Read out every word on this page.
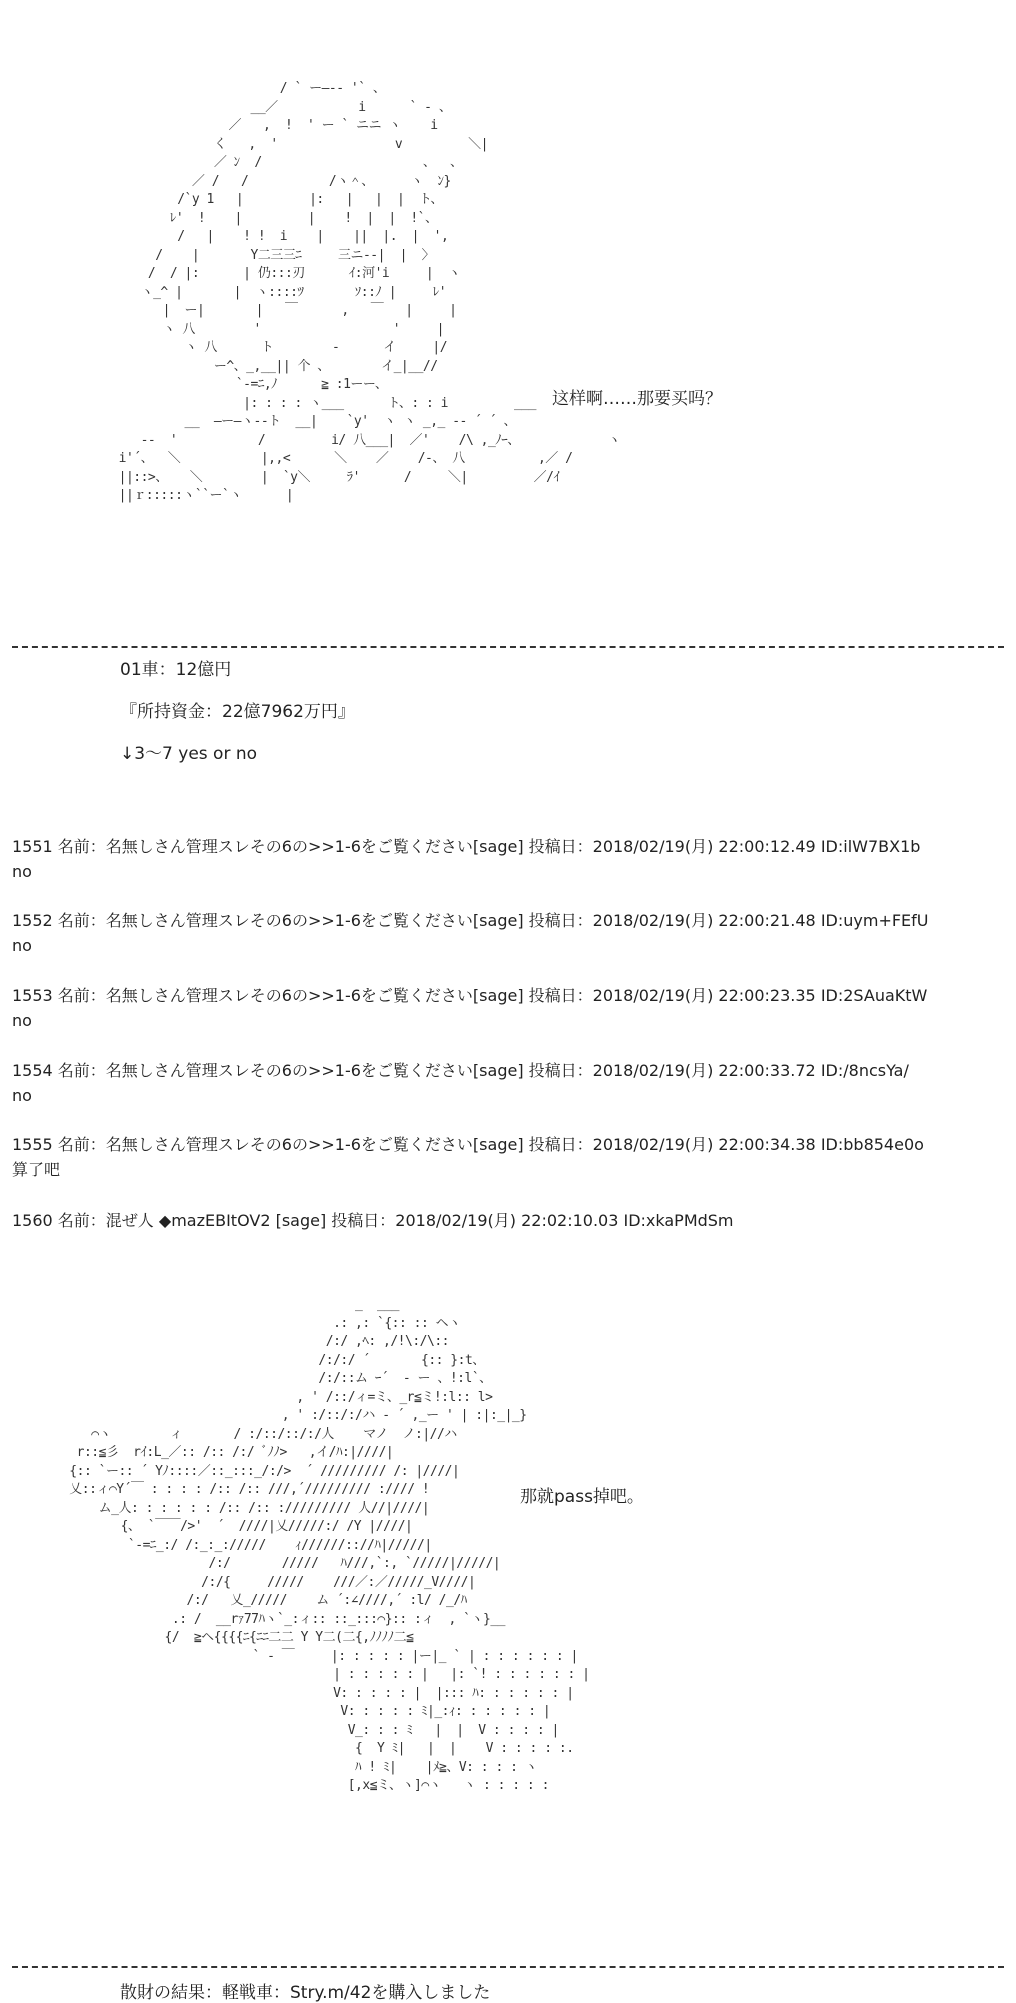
/ ` ー―-‐ '` 、
__／           i      ` ‐ 、
／   ,  !  ' ー ` ニニ ヽ    i
く   ,  '                v         ＼|
／ ﾝ  /                      、  、
／ /   /           /ヽ＾、     ヽ  ﾝ}
/`y 1   |         |:   |   |  |  ト、
ﾚ'  !    |         |    !  |  |  !`、
/   |    ! !  i    |    ||  |.  |  ',
/    |       Y二三三ﾆ     三ニ-‐|  |  〉
/  / |:      | 仍:::刃      ｲ:河'i     |  ヽ
ヽ_^ |       |  ヽ::::ﾂ       ｿ::ﾉ |     ﾚ'
|  ー|       |   ￣      ,   ￣   |     |
ヽ 八        '                  '     |
ヽ 八      ト        -      イ     |/
ー^、_,__|| 个 、       イ_|__//
`-=ﾆ,ﾉ      ≧ :1ーー、
|: : : : ヽ___      ト、: : i         ___
__  ―ー―ヽ--ト  __|    `y'  ヽ ヽ _,_ ‐- ´ ´ 、
-‐  '           /         i/ 八___|  ／'    /\ ,_ﾉｰ、            ヽ
i'´、  ＼           |,,<      ＼    ／    /‐、 八          ,／ /
||::>、   ＼        |  `y＼     ﾗ'      /     ＼|         ／/ｲ
||ｒ:::::ヽ``ー`ヽ      |
这样啊……那要买吗？

01車：12億円

『所持資金：22億7962万円』

↓3〜7 yes or no

1551 名前：名無しさん管理スレその6の>>1-6をご覧ください[sage] 投稿日：2018/02/19(月) 22:00:12.49 ID:ilW7BX1b
no
1552 名前：名無しさん管理スレその6の>>1-6をご覧ください[sage] 投稿日：2018/02/19(月) 22:00:21.48 ID:uym+FEfU
no
1553 名前：名無しさん管理スレその6の>>1-6をご覧ください[sage] 投稿日：2018/02/19(月) 22:00:23.35 ID:2SAuaKtW
no
1554 名前：名無しさん管理スレその6の>>1-6をご覧ください[sage] 投稿日：2018/02/19(月) 22:00:33.72 ID:/8ncsYa/
no
1555 名前：名無しさん管理スレその6の>>1-6をご覧ください[sage] 投稿日：2018/02/19(月) 22:00:34.38 ID:bb854e0o
算了吧
1560 名前：混ぜ人 ◆mazEBItOV2 [sage] 投稿日：2018/02/19(月) 22:02:10.03 ID:xkaPMdSm
_  ___
.: ,: `{:: :: ヘヽ
/:/ ,ﾍ: ,/!\:/\::
/:/:/ ´       {:: }:t、
/:/::ム ｰ´  ‐ ー 、!:l`、
, ' /::/ィ=ミ、_r≦ミ!:l:: l>
, ' :/::/:/ハ ‐ ´ ,_ー ' | :|:_|_}
⌒ヽ        ィ       / :/::/::/:/人    マノ  ノ:|//ハ
r::≦彡  rｲ:L_／:: /:: /:/ ﾞﾉﾉ>   ,イ/ﾊ:|////|
{:: `ー:: ´ Yﾉ::::／::_:::_/:/>  ´ ///////// /: |////|
乂::ィ⌒Y´￣ : : : : /:: /:: ///,´///////// ://// !
ム_人: : : : : : /:: /:: :///////// 人//|////|
{、 `￣￣/>'  ´  ////|乂/////:/ /Y |////|
`‐=ﾆ_:/ /:_:_://///    ｨ//////:://ﾊ|/////|
/:/       /////   ﾊ///,`:, `/////|/////|
/:/{     /////    ///／:／/////_V////|
/:/   乂_/////    ム ´:∠////,´ :l/ /_/ﾊ
.: /  __rｧ77ﾊヽ`_:ィ:: ::_:::⌒}:: :ィ  , `ヽ}__
{/  ≧ヘ{{{{ﾆ{ﾆﾆ二二 Y Y二(二{,ﾉﾉﾉﾉ二≦
` ‐ ￣     |: : : : : |ー|_ ` | : : : : : : |
| : : : : : |   |: `! : : : : : : |
V: : : : : |  |::: ﾊ: : : : : : |
V: : : : : ﾐ|_:ｨ: : : : : : |
V_: : : ﾐ   |  |  V : : : : |
{  Y ﾐ|   |  |    V : : : : :.
ﾊ ! ﾐ|    |ﾒ≧、V: : : : ヽ
[,x≦ミ、ヽ]⌒ヽ   ヽ : : : : :
那就pass掉吧。
散財の結果：軽戦車：Stry.m/42を購入しました
